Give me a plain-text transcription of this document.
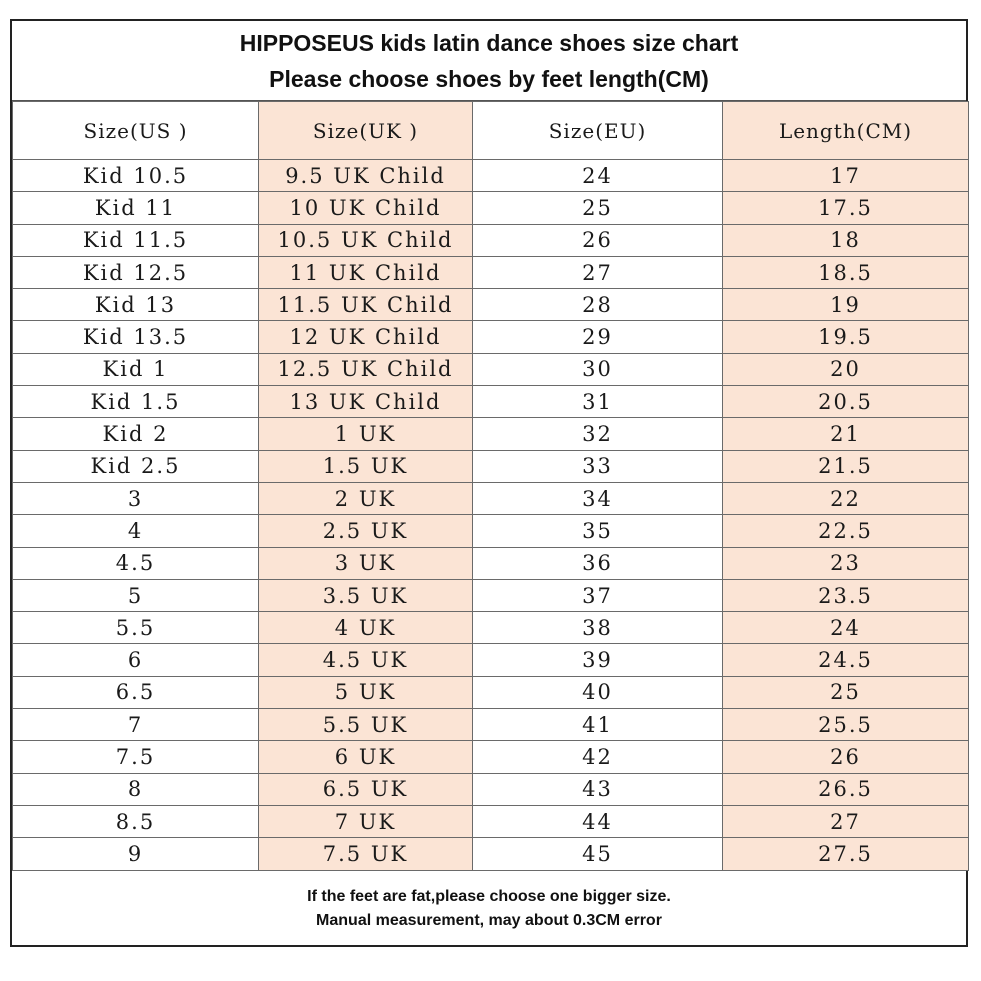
HIPPOSEUS kids latin dance shoes size chart
Please choose shoes by feet length(CM)
Size(US )	Size(UK )	Size(EU)	Length(CM)
Kid 10.5	9.5 UK Child	24	17
Kid 11	10 UK Child	25	17.5
Kid 11.5	10.5 UK Child	26	18
Kid 12.5	11 UK Child	27	18.5
Kid 13	11.5 UK Child	28	19
Kid 13.5	12 UK Child	29	19.5
Kid 1	12.5 UK Child	30	20
Kid 1.5	13 UK Child	31	20.5
Kid 2	1 UK	32	21
Kid 2.5	1.5 UK	33	21.5
3	2 UK	34	22
4	2.5 UK	35	22.5
4.5	3 UK	36	23
5	3.5 UK	37	23.5
5.5	4 UK	38	24
6	4.5 UK	39	24.5
6.5	5 UK	40	25
7	5.5 UK	41	25.5
7.5	6 UK	42	26
8	6.5 UK	43	26.5
8.5	7 UK	44	27
9	7.5 UK	45	27.5
If the feet are fat,please choose one bigger size.
Manual measurement, may about 0.3CM error
